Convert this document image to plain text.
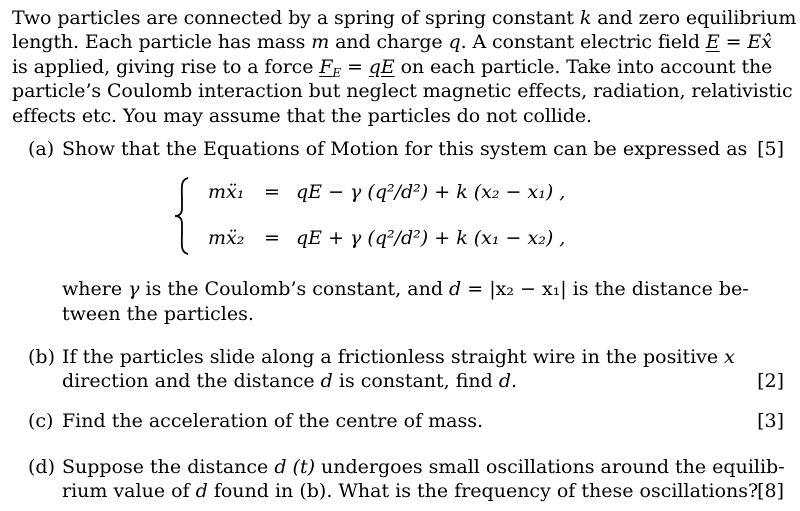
Two particles are connected by a spring of spring constant k and zero equilibrium
length. Each particle has mass m and charge q. A constant electric field E = Ex̂
is applied, giving rise to a force $F_E$ = qE on each particle. Take into account the
particle’s Coulomb interaction but neglect magnetic effects, radiation, relativistic
effects etc. You may assume that the particles do not collide.
(a) Show that the Equations of Motion for this system can be expressed as [5]
mẍ₁ = qE − γ (q²/d²) + k (x₂ − x₁) ,
mẍ₂ = qE + γ (q²/d²) + k (x₁ − x₂) ,
where γ is the Coulomb’s constant, and d = |x₂ − x₁| is the distance be-
tween the particles.
(b) If the particles slide along a frictionless straight wire in the positive x
direction and the distance d is constant, find d.	[2]
(c) Find the acceleration of the centre of mass.	[3]
(d) Suppose the distance d (t) undergoes small oscillations around the equilib-
rium value of d found in (b). What is the frequency of these oscillations?
[8]
